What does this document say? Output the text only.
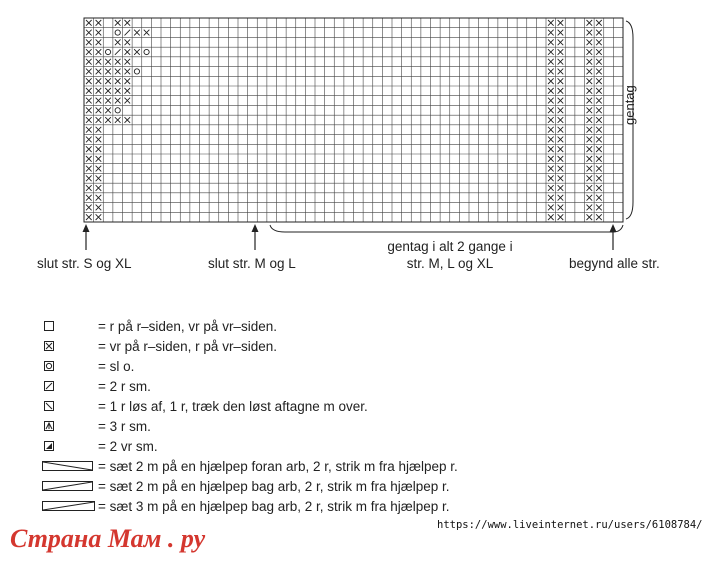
gentag
slut str. S og XL	slut str. M og L
gentag i alt 2 gange i
str. M, L og XL	begynd alle str.
= r på r–siden, vr på vr–siden.
= vr på r–siden, r på vr–siden.
= sl o.
= 2 r sm.
= 1 r løs af, 1 r, træk den løst aftagne m over.
= 3 r sm.
= 2 vr sm.
= sæt 2 m på en hjælpep foran arb, 2 r, strik m fra hjælpep r.
= sæt 2 m på en hjælpep bag arb, 2 r, strik m fra hjælpep r.
= sæt 3 m på en hjælpep bag arb, 2 r, strik m fra hjælpep r.
https://www.liveinternet.ru/users/6108784/
Страна Мам . ру
